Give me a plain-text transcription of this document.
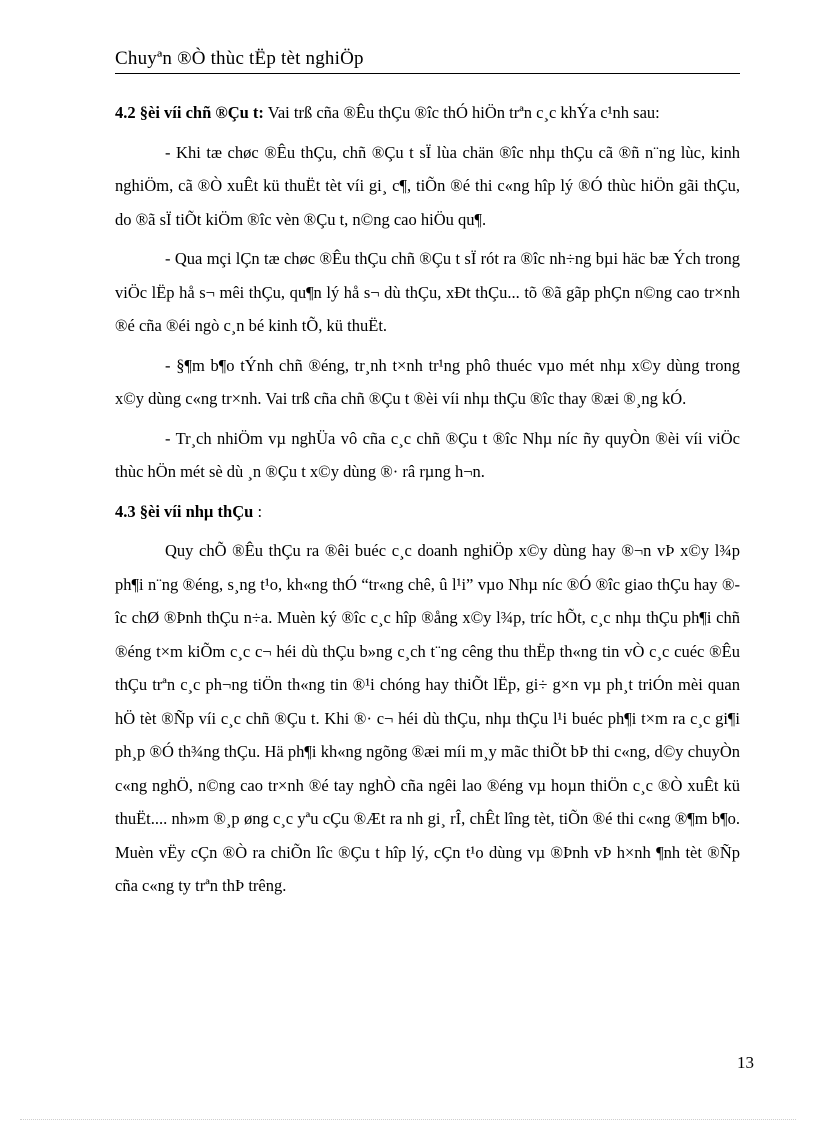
Chuyªn ®Ò thùc tËp tèt nghiÖp

4.2 §èi víi chñ ®Çu t: Vai trß cña ®Êu thÇu ®îc thÓ hiÖn trªn c¸c khÝa c¹nh sau:

- Khi tæ chøc ®Êu thÇu, chñ ®Çu t sÏ lùa chän ®îc nhµ thÇu cã ®ñ n¨ng lùc, kinh nghiÖm, cã ®Ò xuÊt kü thuËt tèt víi gi¸ c¶, tiÕn ®é thi c«ng hîp lý ®Ó thùc hiÖn gãi thÇu, do ®ã sÏ tiÕt kiÖm ®îc vèn ®Çu t, n©ng cao hiÖu qu¶.

- Qua mçi lÇn tæ chøc ®Êu thÇu chñ ®Çu t sÏ rót ra ®îc nh÷ng bµi häc bæ Ých trong viÖc lËp hå s¬ mêi thÇu, qu¶n lý hå s¬ dù thÇu, xÐt thÇu... tõ ®ã gãp phÇn n©ng cao tr×nh ®é cña ®éi ngò c¸n bé kinh tÕ, kü thuËt.

- §¶m b¶o tÝnh chñ ®éng, tr¸nh t×nh tr¹ng phô thuéc vµo mét nhµ x©y dùng trong x©y dùng c«ng tr×nh. Vai trß cña chñ ®Çu t ®èi víi nhµ thÇu ®îc thay ®æi ®¸ng kÓ.

- Tr¸ch nhiÖm vµ nghÜa vô cña c¸c chñ ®Çu t ®îc Nhµ níc ñy quyÒn ®èi víi viÖc thùc hÖn mét sè dù ¸n ®Çu t x©y dùng ®· râ rµng h¬n.

4.3 §èi víi nhµ thÇu :

Quy chÕ ®Êu thÇu ra ®êi buéc c¸c doanh nghiÖp x©y dùng hay ®¬n vÞ x©y l¾p ph¶i n¨ng ®éng, s¸ng t¹o, kh«ng thÓ “tr«ng chê, û l¹i” vµo Nhµ níc ®Ó ®îc giao thÇu hay ®îc chØ ®Þnh thÇu n÷a. Muèn ký ®îc c¸c hîp ®ång x©y l¾p, tríc hÕt, c¸c nhµ thÇu ph¶i chñ ®éng t×m kiÕm c¸c c¬ héi dù thÇu b»ng c¸ch t¨ng cêng thu thËp th«ng tin vÒ c¸c cuéc ®Êu thÇu trªn c¸c ph¬ng tiÖn th«ng tin ®¹i chóng hay thiÕt lËp, gi÷ g×n vµ ph¸t triÓn mèi quan hÖ tèt ®Ñp víi c¸c chñ ®Çu t. Khi ®· c¬ héi dù thÇu, nhµ thÇu l¹i buéc ph¶i t×m ra c¸c gi¶i ph¸p ®Ó th¾ng thÇu. Hä ph¶i kh«ng ngõng ®æi míi m¸y mãc thiÕt bÞ thi c«ng, d©y chuyÒn c«ng nghÖ, n©ng cao tr×nh ®é tay nghÒ cña ngêi lao ®éng vµ hoµn thiÖn c¸c ®Ò xuÊt kü thuËt.... nh»m ®¸p øng c¸c yªu cÇu ®Æt ra nh gi¸ rÎ, chÊt lîng tèt, tiÕn ®é thi c«ng ®¶m b¶o. Muèn vËy cÇn ®Ò ra chiÕn lîc ®Çu t hîp lý, cÇn t¹o dùng vµ ®Þnh vÞ h×nh ¶nh tèt ®Ñp cña c«ng ty trªn thÞ trêng.

13
